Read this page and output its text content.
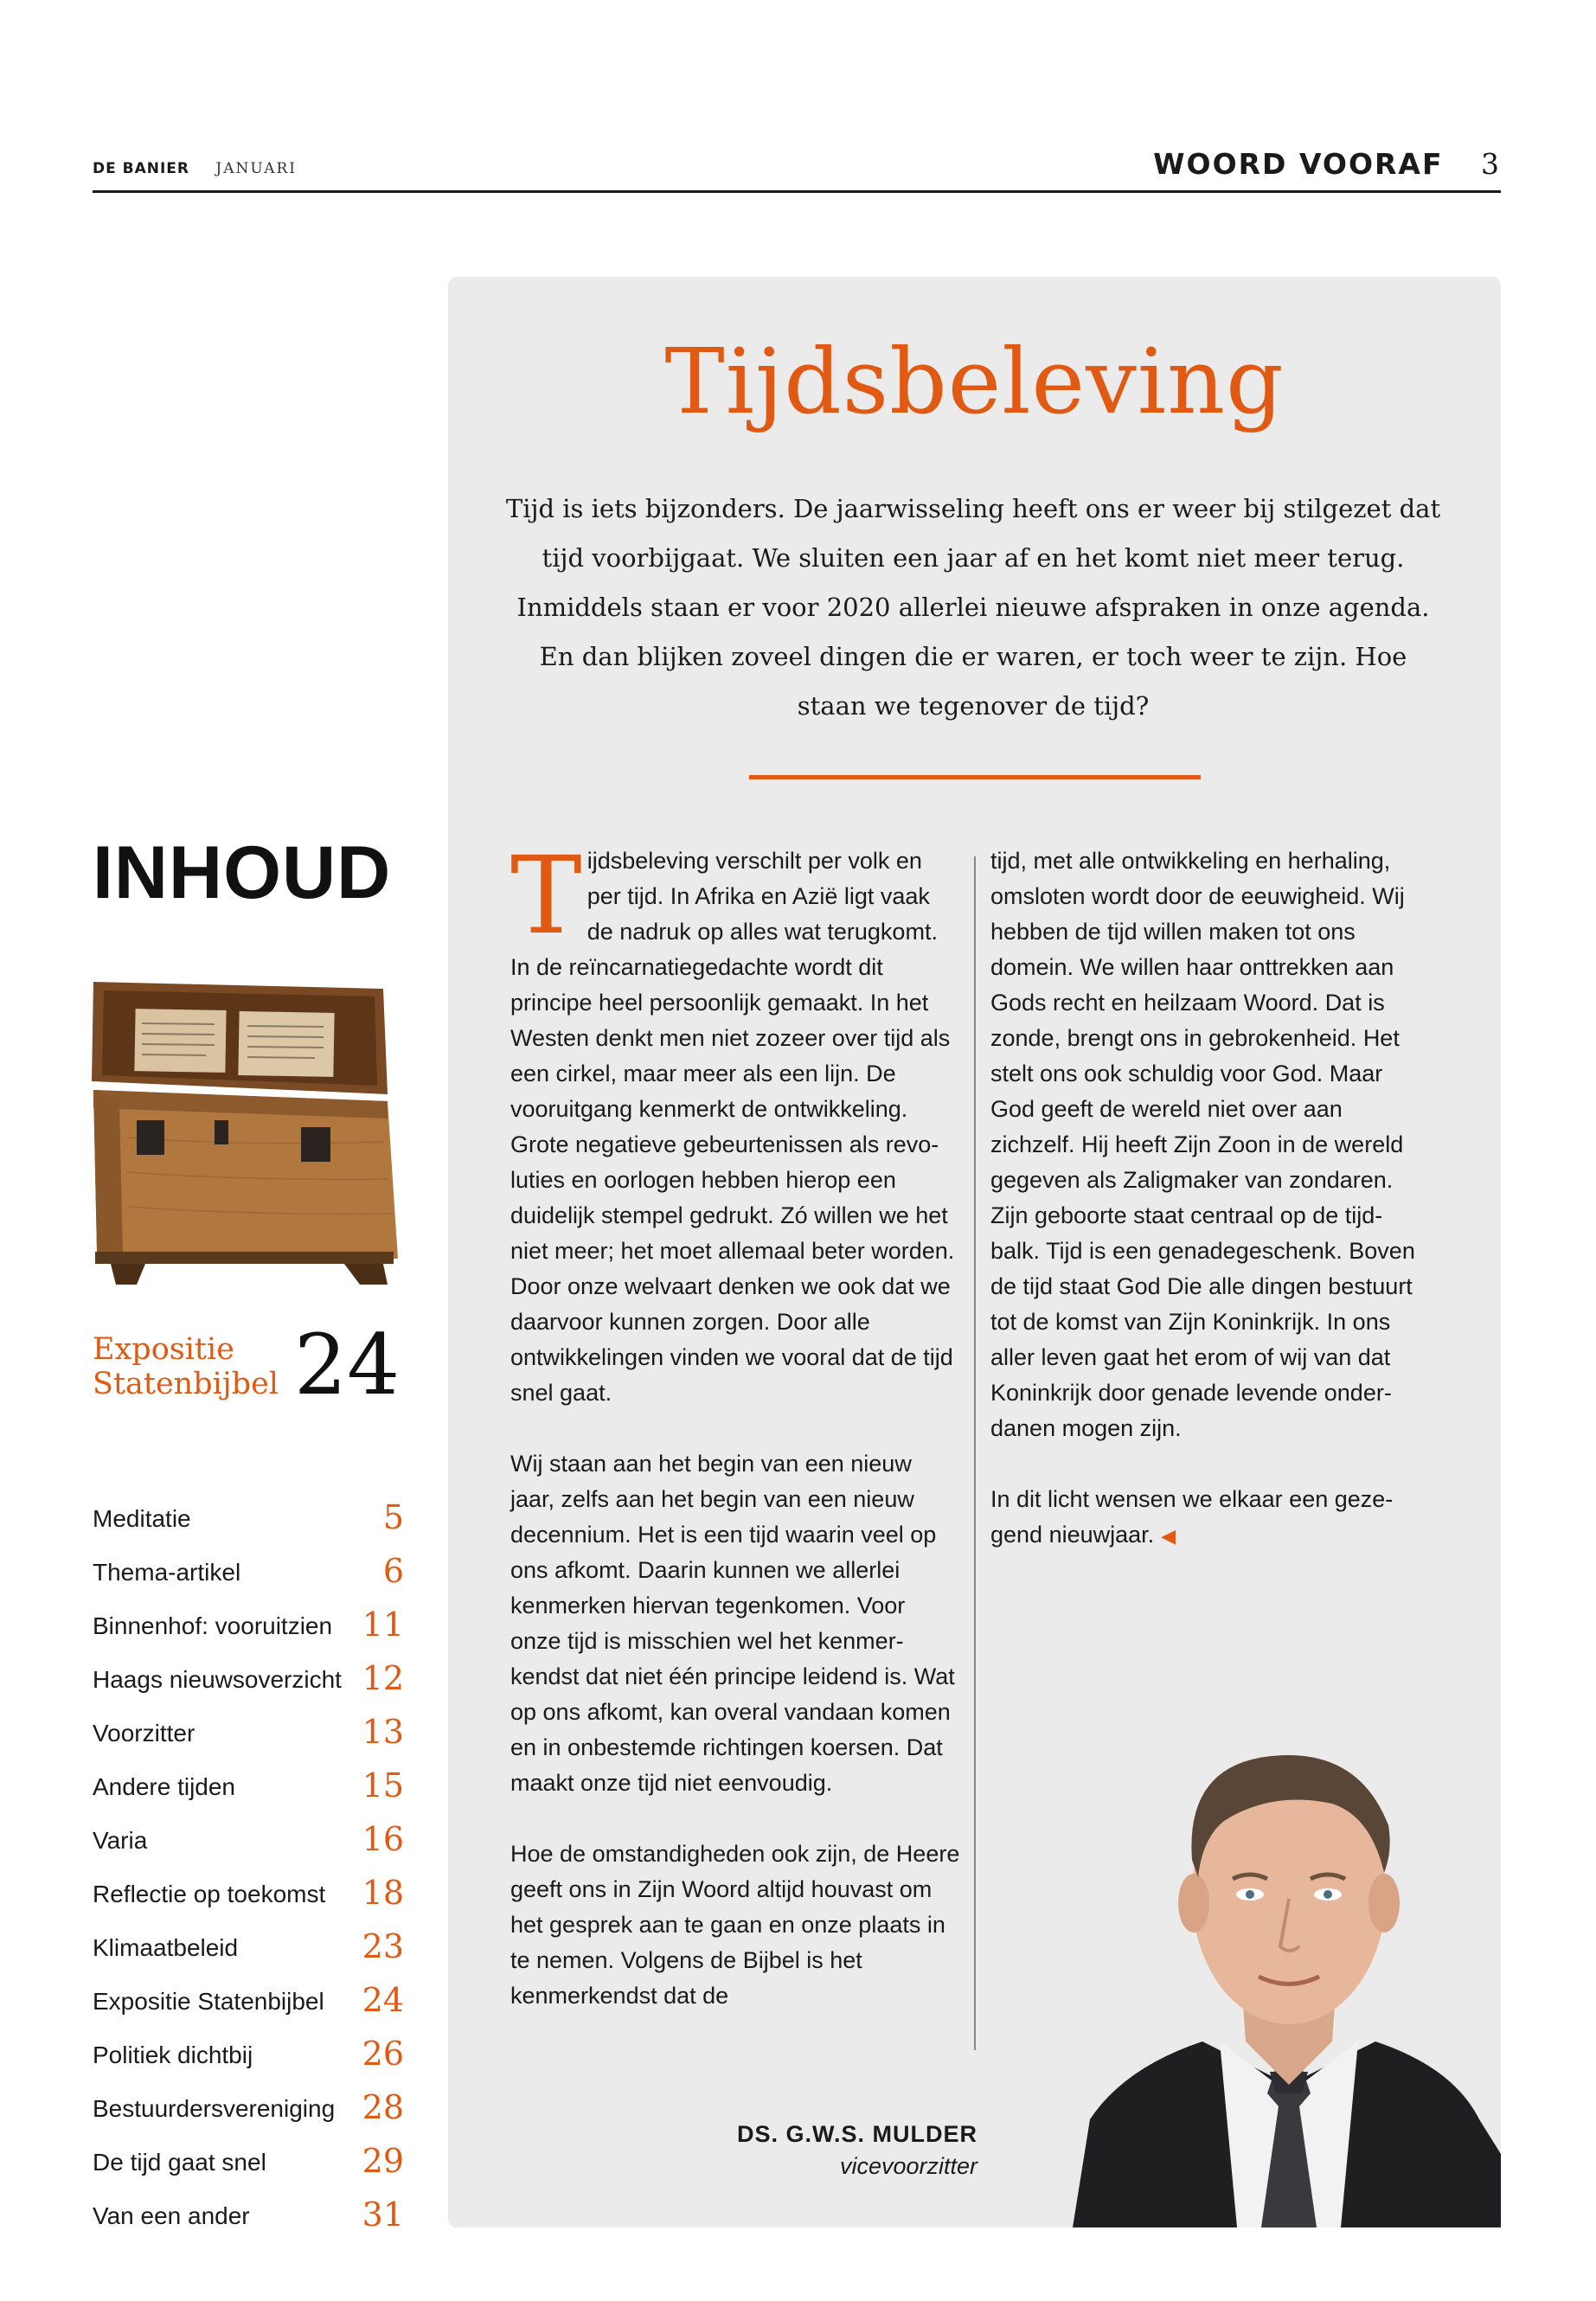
DE BANIER JANUARI	WOORD VOORAF 3
Tijdsbeleving
Tijd is iets bijzonders. De jaarwisseling heeft ons er weer bij stilgezet dat tijd voorbijgaat. We sluiten een jaar af en het komt niet meer terug. Inmiddels staan er voor 2020 allerlei nieuwe afspraken in onze agenda. En dan blijken zoveel dingen die er waren, er toch weer te zijn. Hoe staan we tegenover de tijd?

Tijdsbeleving verschilt per volk en per tijd. In Afrika en Azië ligt vaak de nadruk op alles wat terugkomt. In de reïncarnatiegedachte wordt dit principe heel persoonlijk gemaakt. In het Westen denkt men niet zozeer over tijd als een cirkel, maar meer als een lijn. De vooruitgang kenmerkt de ontwikkeling. Grote negatieve gebeurtenissen als revo-luties en oorlogen hebben hierop een duidelijk stempel gedrukt. Zó willen we het niet meer; het moet allemaal beter worden. Door onze welvaart denken we ook dat we daarvoor kunnen zorgen. Door alle ontwikkelingen vinden we vooral dat de tijd snel gaat.

Wij staan aan het begin van een nieuw jaar, zelfs aan het begin van een nieuw decennium. Het is een tijd waarin veel op ons afkomt. Daarin kunnen we allerlei kenmerken hiervan tegenkomen. Voor onze tijd is misschien wel het kenmer-kendst dat niet één principe leidend is. Wat op ons afkomt, kan overal vandaan komen en in onbestemde richtingen koersen. Dat maakt onze tijd niet eenvoudig.

Hoe de omstandigheden ook zijn, de Heere geeft ons in Zijn Woord altijd houvast om het gesprek aan te gaan en onze plaats in te nemen. Volgens de Bijbel is het kenmerkendst dat de

tijd, met alle ontwikkeling en herhaling, omsloten wordt door de eeuwigheid. Wij hebben de tijd willen maken tot ons domein. We willen haar onttrekken aan Gods recht en heilzaam Woord. Dat is zonde, brengt ons in gebrokenheid. Het stelt ons ook schuldig voor God. Maar God geeft de wereld niet over aan zichzelf. Hij heeft Zijn Zoon in de wereld gegeven als Zaligmaker van zondaren. Zijn geboorte staat centraal op de tijd-balk. Tijd is een genadegeschenk. Boven de tijd staat God Die alle dingen bestuurt tot de komst van Zijn Koninkrijk. In ons aller leven gaat het erom of wij van dat Koninkrijk door genade levende onder-danen mogen zijn.

In dit licht wensen we elkaar een geze-gend nieuwjaar. ◀

DS. G.W.S. MULDER
vicevoorzitter
INHOUD
Expositie
Statenbijbel 24
Meditatie	5
Thema-artikel	6
Binnenhof: vooruitzien 11
Haags nieuwsoverzicht 12
Voorzitter	13
Andere tijden	15
Varia	16
Reflectie op toekomst 18
Klimaatbeleid	23
Expositie Statenbijbel 24
Politiek dichtbij	26
Bestuurdersvereniging 28
De tijd gaat snel	29
Van een ander	31
